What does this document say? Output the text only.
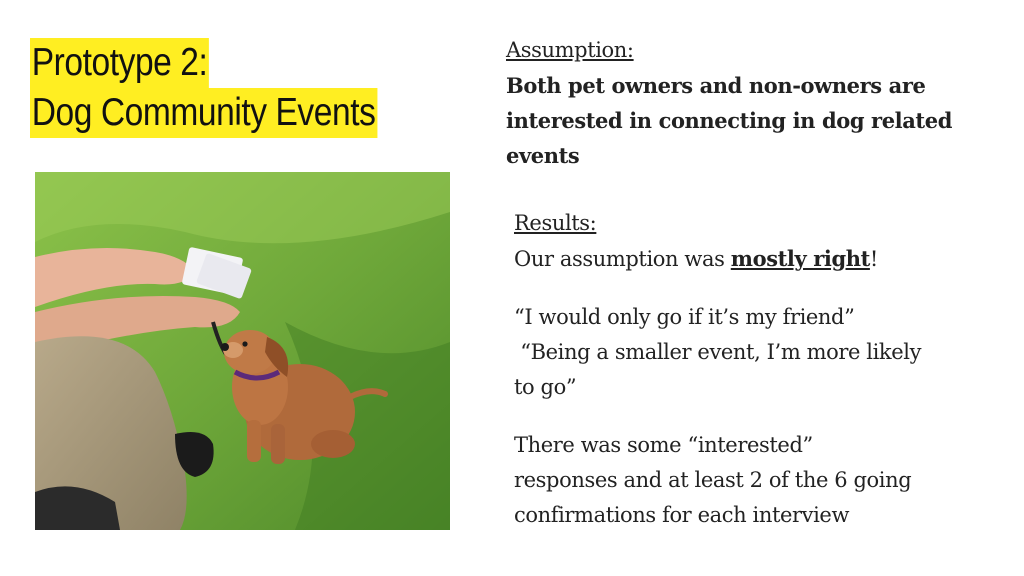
Prototype 2:
Dog Community Events
Assumption:
Both pet owners and non-owners are
interested in connecting in dog related
events
Results:
Our assumption was mostly right!
“I would only go if it’s my friend”
“Being a smaller event, I’m more likely
to go”
There was some “interested”
responses and at least 2 of the 6 going
confirmations for each interview
